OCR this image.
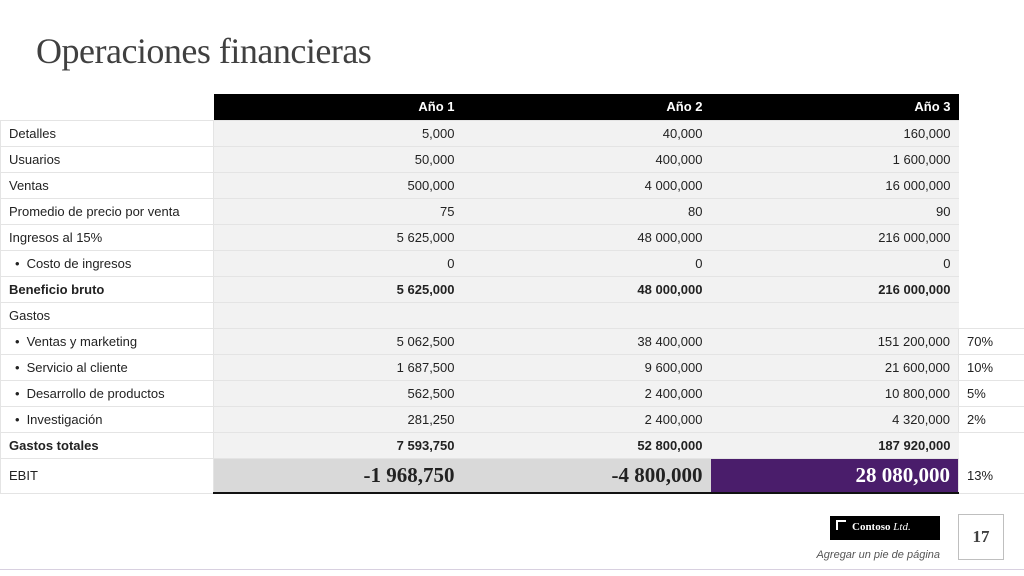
Operaciones financieras
	Año 1	Año 2	Año 3	
Detalles	5,000	40,000	160,000	
Usuarios	50,000	400,000	1 600,000	
Ventas	500,000	4 000,000	16 000,000	
Promedio de precio por venta	75	80	90	
Ingresos al 15%	5 625,000	48 000,000	216 000,000	
• Costo de ingresos	0	0	0	
Beneficio bruto	5 625,000	48 000,000	216 000,000	
Gastos				
• Ventas y marketing	5 062,500	38 400,000	151 200,000	70%
• Servicio al cliente	1 687,500	9 600,000	21 600,000	10%
• Desarrollo de productos	562,500	2 400,000	10 800,000	5%
• Investigación	281,250	2 400,000	4 320,000	2%
Gastos totales	7 593,750	52 800,000	187 920,000	
EBIT	-1 968,750	-4 800,000	28 080,000	13%
Contoso Ltd.	17
Agregar un pie de página
